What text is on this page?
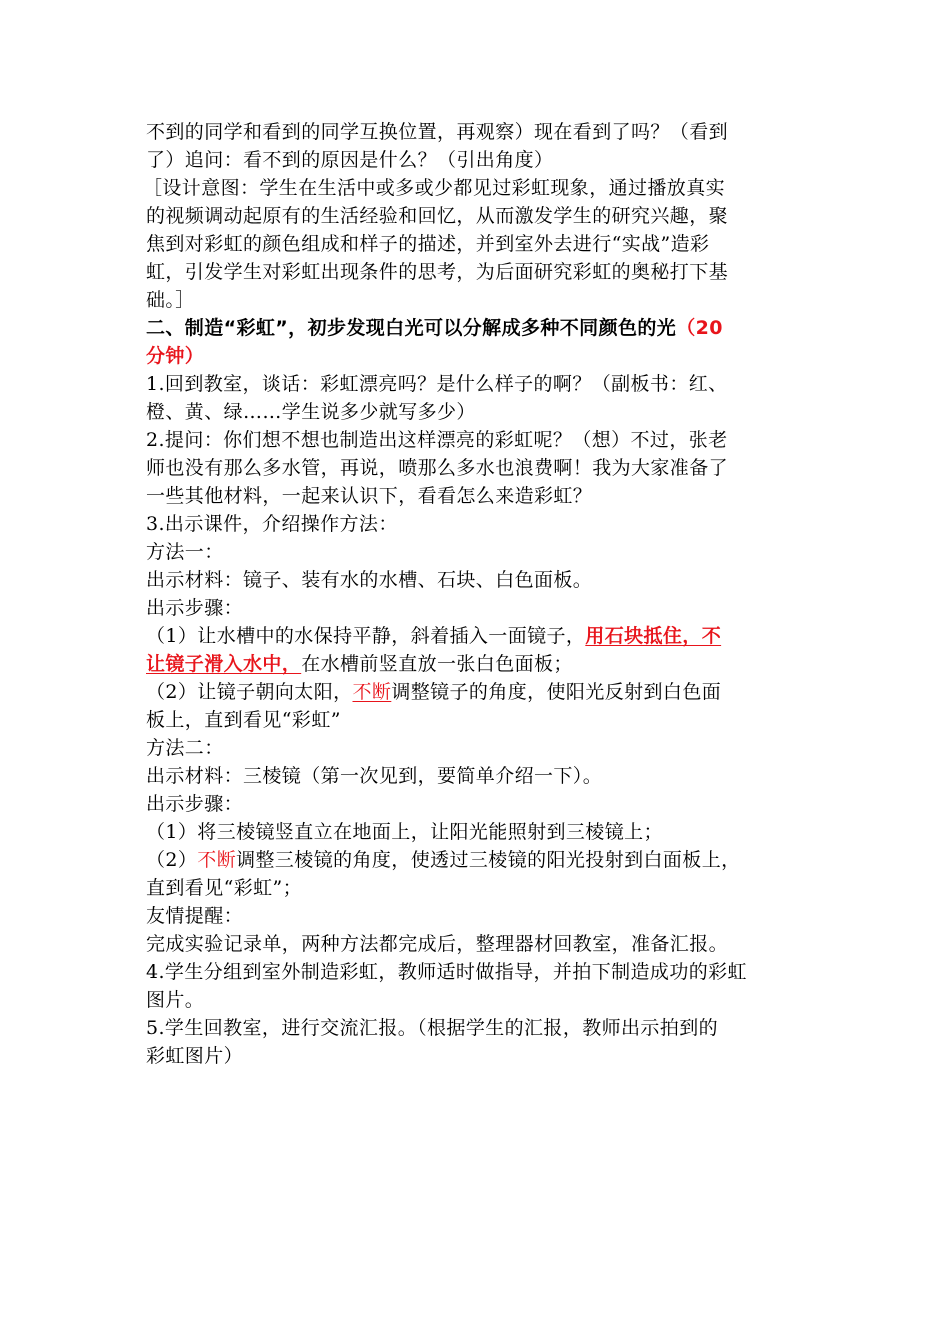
不到的同学和看到的同学互换位置，再观察）现在看到了吗？（看到
了）追问：看不到的原因是什么？（引出角度）
［设计意图：学生在生活中或多或少都见过彩虹现象，通过播放真实
的视频调动起原有的生活经验和回忆，从而激发学生的研究兴趣，聚
焦到对彩虹的颜色组成和样子的描述，并到室外去进行“实战”造彩
虹，引发学生对彩虹出现条件的思考，为后面研究彩虹的奥秘打下基
础。］
二、制造“彩虹”，初步发现白光可以分解成多种不同颜色的光（20
分钟）
1.回到教室，谈话：彩虹漂亮吗？是什么样子的啊？（副板书：红、
橙、黄、绿……学生说多少就写多少）
2.提问：你们想不想也制造出这样漂亮的彩虹呢？（想）不过，张老
师也没有那么多水管，再说，喷那么多水也浪费啊！我为大家准备了
一些其他材料，一起来认识下，看看怎么来造彩虹？
3.出示课件，介绍操作方法：
方法一：
出示材料：镜子、装有水的水槽、石块、白色面板。
出示步骤：
（1）让水槽中的水保持平静，斜着插入一面镜子，用石块抵住，不
让镜子滑入水中，在水槽前竖直放一张白色面板；
（2）让镜子朝向太阳，不断调整镜子的角度，使阳光反射到白色面
板上，直到看见“彩虹”
方法二：
出示材料：三棱镜（第一次见到，要简单介绍一下）。
出示步骤：
（1）将三棱镜竖直立在地面上，让阳光能照射到三棱镜上；
（2）不断调整三棱镜的角度，使透过三棱镜的阳光投射到白面板上，
直到看见“彩虹”；
友情提醒：
完成实验记录单，两种方法都完成后，整理器材回教室，准备汇报。
4.学生分组到室外制造彩虹，教师适时做指导，并拍下制造成功的彩虹
图片。
5.学生回教室，进行交流汇报。（根据学生的汇报，教师出示拍到的
彩虹图片）
